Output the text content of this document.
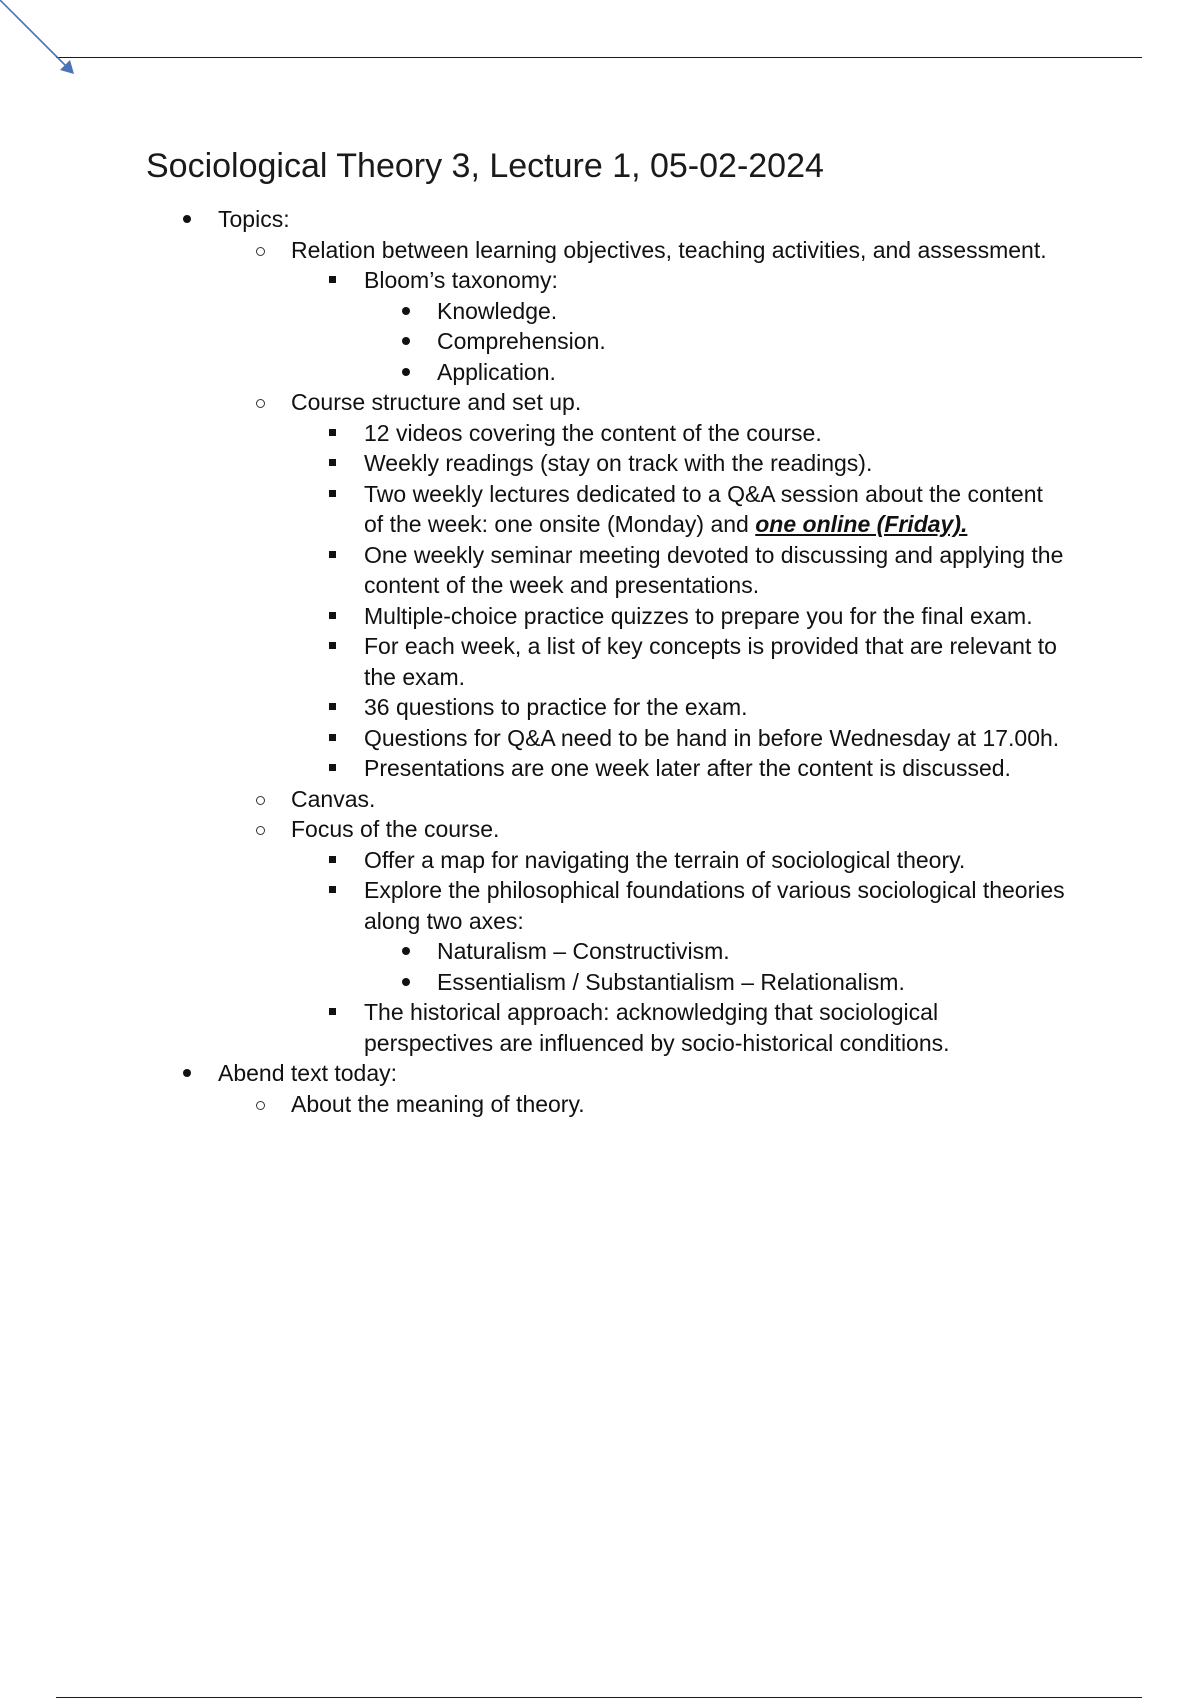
Sociological Theory 3, Lecture 1, 05-02-2024
Topics:
Relation between learning objectives, teaching activities, and assessment.
Bloom’s taxonomy:
Knowledge.
Comprehension.
Application.
Course structure and set up.
12 videos covering the content of the course.
Weekly readings (stay on track with the readings).
Two weekly lectures dedicated to a Q&A session about the content of the week: one onsite (Monday) and one online (Friday).
One weekly seminar meeting devoted to discussing and applying the content of the week and presentations.
Multiple-choice practice quizzes to prepare you for the final exam.
For each week, a list of key concepts is provided that are relevant to the exam.
36 questions to practice for the exam.
Questions for Q&A need to be hand in before Wednesday at 17.00h.
Presentations are one week later after the content is discussed.
Canvas.
Focus of the course.
Offer a map for navigating the terrain of sociological theory.
Explore the philosophical foundations of various sociological theories along two axes:
Naturalism – Constructivism.
Essentialism / Substantialism – Relationalism.
The historical approach: acknowledging that sociological perspectives are influenced by socio-historical conditions.
Abend text today:
About the meaning of theory.
